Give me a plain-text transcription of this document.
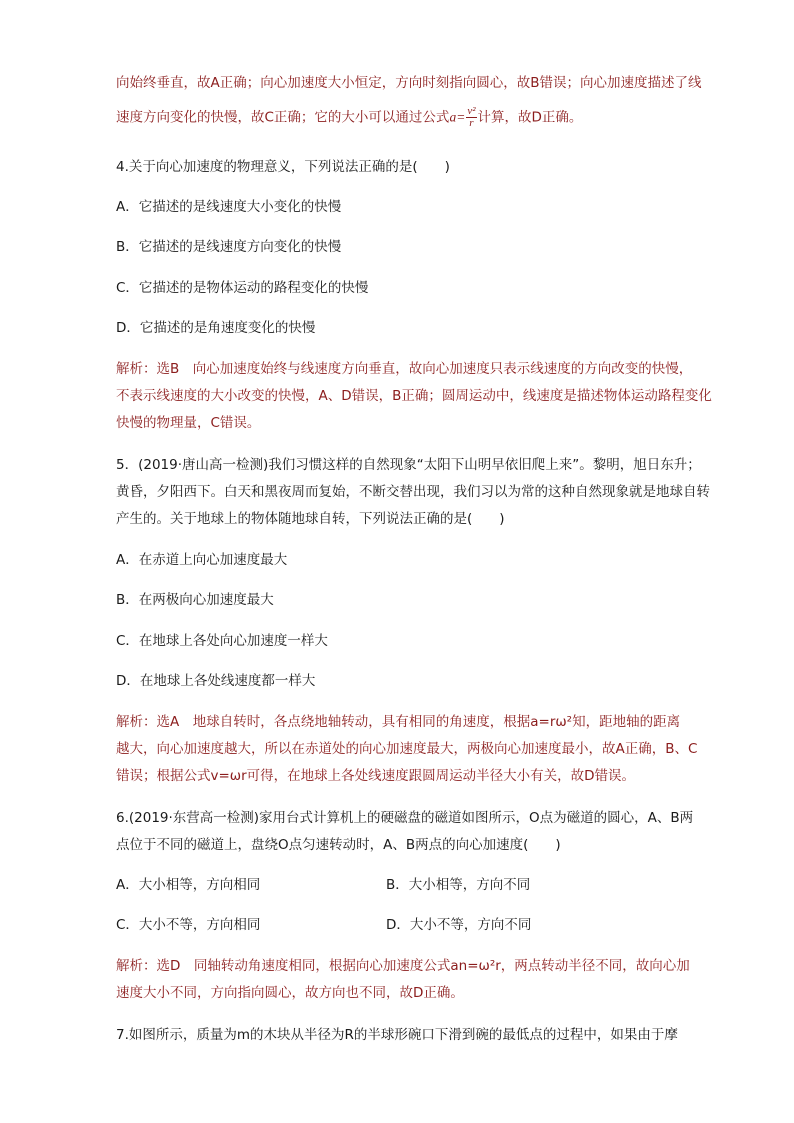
向始终垂直，故A正确；向心加速度大小恒定，方向时刻指向圆心，故B错误；向心加速度描述了线
速度方向变化的快慢，故C正确；它的大小可以通过公式$a= \frac{\text{v²}}{r}$ 计算，故D正确。
4.关于向心加速度的物理意义，下列说法正确的是(　　)
A．它描述的是线速度大小变化的快慢
B．它描述的是线速度方向变化的快慢
C．它描述的是物体运动的路程变化的快慢
D．它描述的是角速度变化的快慢
解析：选B　向心加速度始终与线速度方向垂直，故向心加速度只表示线速度的方向改变的快慢，
不表示线速度的大小改变的快慢，A、D错误，B正确；圆周运动中，线速度是描述物体运动路程变化
快慢的物理量，C错误。
5．(2019·唐山高一检测)我们习惯这样的自然现象“太阳下山明早依旧爬上来”。黎明，旭日东升；
黄昏，夕阳西下。白天和黑夜周而复始，不断交替出现，我们习以为常的这种自然现象就是地球自转
产生的。关于地球上的物体随地球自转，下列说法正确的是(　　)
A．在赤道上向心加速度最大
B．在两极向心加速度最大
C．在地球上各处向心加速度一样大
D．在地球上各处线速度都一样大
解析：选A　地球自转时，各点绕地轴转动，具有相同的角速度，根据a=rω²知，距地轴的距离
越大，向心加速度越大，所以在赤道处的向心加速度最大，两极向心加速度最小，故A正确，B、C
错误；根据公式v=ωr可得，在地球上各处线速度跟圆周运动半径大小有关，故D错误。
6.(2019·东营高一检测)家用台式计算机上的硬磁盘的磁道如图所示，O点为磁道的圆心，A、B两
点位于不同的磁道上，盘绕O点匀速转动时，A、B两点的向心加速度(　　)
A．大小相等，方向相同	B．大小相等，方向不同
C．大小不等，方向相同	D．大小不等，方向不同
解析：选D　同轴转动角速度相同，根据向心加速度公式an=ω²r，两点转动半径不同，故向心加
速度大小不同，方向指向圆心，故方向也不同，故D正确。
7.如图所示，质量为m的木块从半径为R的半球形碗口下滑到碗的最低点的过程中，如果由于摩
